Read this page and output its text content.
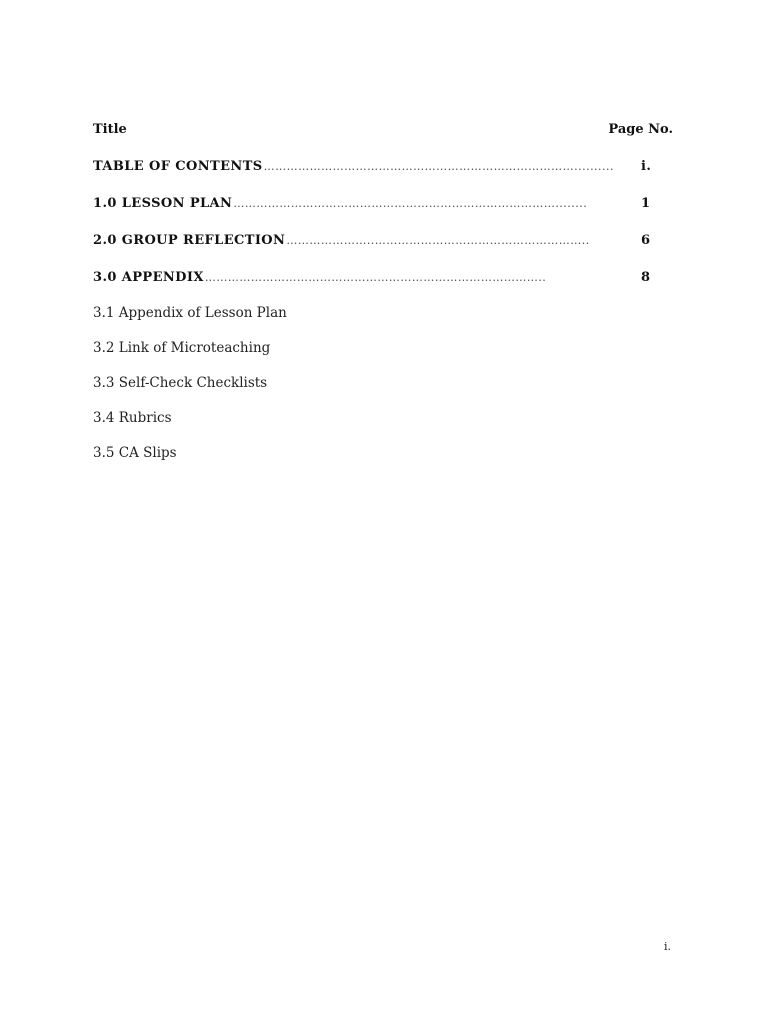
Title	Page No.
TABLE OF CONTENTS ………………………………………………………………………..........	i.
1.0 LESSON PLAN …………………………………………………………………………........	1
2.0 GROUP REFLECTION …………………..………………………………………………..	6
3.0 APPENDIX ……………………………………………………………………………..	8
3.1 Appendix of Lesson Plan
3.2 Link of Microteaching
3.3 Self-Check Checklists
3.4 Rubrics
3.5 CA Slips
i.
